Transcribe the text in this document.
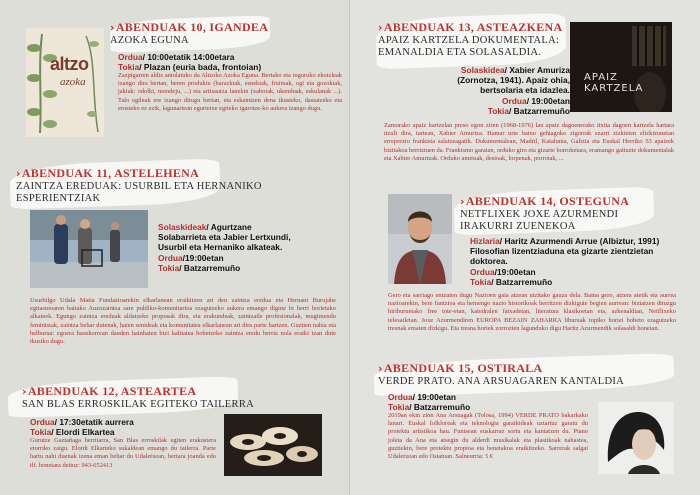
›ABENDUAK 10, IGANDEA
AZOKA EGUNA
altzo
azoka
Ordua/ 10:00etatik 14:00etara
Tokia/ Plazan (euria bada, frontoian)
Zazpigarren aldiz antolatuko da Altzoko Azoka Eguna. Bertako eta inguruko ekoizleak izango dira bertan, beren produktu (barazkiak, esnekiak, fruituak, ogi eta gozokiak, jakiak: odolki, mondeju, ...) eta artisautza lanekin (xaboiak, ukenduak, eskulanak ...). Talo egileak ere izango ditugu bertan, eta eskaintzen dena ikusteko, dastatzeko eta erosteko ez ezik, lagunartean egurtetxe egiteko igarotze-ko aukera izango dugu.
›ABENDUAK 11, ASTELEHENA
ZAINTZA EREDUAK: USURBIL ETA HERNANIKO
ESPERIENTZIAK
Solaskideak/ Agurtzane Solabarrieta eta Jabier Lertxundi, Usurbil eta Hernaniko alkateak.
Ordua/19:00etan
Tokia/ Batzarremuño
Usurbilgo Udala Matia Fundazioarekin elkarlanean eraikitzen ari den zaintza eredua eta Hernani Burujabe egitasmoaren baitako Auzozaintza sare publiko-komunitarioa ezagutzeko aukera emango digute bi herri horietako alkateek. Egungo zaintza ereduak aldatzeko proposak dira, eta erakundeak, zaintzaile profesionalak, mugimendu feministak, zaintza behar dutenak, haien senideak eta komunitatea elkarlanean ari dira parte hartzen. Guztien nahia eta helburua: egoera hauskorrean dauden hainbaten bizi kalitatea hobetzeko zaintza eredu berria nola eraiki izan dute ikusiko dugu.
›ABENDUAK 12, ASTEARTEA
SAN BLAS ERROSKILAK EGITEKO TAILERRA
Ordua/ 17:30etatik aurrera
Tokia/ Elordi Elkartea
Gurutze Gaztañaga herritarra, San Blas erroskilak egiten erakustera etorriko zaigu. Elordi Elkarteko sukaldean emango du tailerra. Parte hartu nahi duenak izena eman behar du Udaletxean, bertara joanda edo tlf. honetara deituz: 943-652413
›ABENDUAK 13, ASTEAZKENA
APAIZ KARTZELA DOKUMENTALA:
EMANALDIA ETA SOLASALDIA.
Solaskidea/ Xabier Amuriza (Zornotza, 1941). Apaiz ohia, bertsolaria eta idazlea.
Ordua/ 19:00etan
Tokia/ Batzarremuño
APAIZ
KARTZELA
Zamorako apaiz kartzelan preso egon ziren (1968-1976) lau apaiz dagoenerako itxita dagoen kartzela hartara itzuli dira, tartean, Xabier Amuriza. Hamar urte baino gehiagoko zigorrak ezarri zizkieten elizkizunetan erreprezio frankista salatzeagatik. Dokumentalean, Madril, Katalunia, Galizia eta Euskal Herriko 53 apaizek bizitakoa berriztuen da. Frankismo garaian, orduko giro eta gizarte borroketara, eramango gaituzte dokumentalak eta Xabier Amurizak. Orduko ametsak, desioak, lorpenak, porrotak, ...
›ABENDUAK 14, OSTEGUNA
NETFLIXEK JOXE AZURMENDI
IRAKURRI ZUENEKOA
Hizlaria/ Haritz Azurmendi Arrue (Albiztur, 1991) Filosofian lizentziaduna eta gizarte zientzietan doktorea.
Ordua/19:00etan
Tokia/ Batzarremuño
Gero eta sarriago entzuten dugu Nazioen gaia atzean utzitako gauza dela. Baina gero, atzera atetik eta aurrea nazioarekin, bere funtzioa eta hemengo nazio historikoak berritzen dizkigute begien aurrean: biziatzen dituzgu hiriburuetako free tote-etan, katedralen fatxadetan, literatura klasikoetan eta, azkenaldian, Netflixeko telesailetan. Joxe Azurmendiren EUROPA BEZAIN ZAHARRA liburuak topiko horiei hobeto ezagutzeko tresnak ematen dizkigu. Eta tresna horiek zorrozten lagunduko digu Haritz Azurmendik solasaldi honetan.
›ABENDUAK 15, OSTIRALA
VERDE PRATO. ANA ARSUAGAREN KANTALDIA
Ordua/ 19:00etan
Tokia/ Batzarremuño
2019an ekin zion Ana Arsuagak (Tolosa, 1994) VERDE PRATO bakarkako lanari. Euskal folkloreak eta teknologia garaikideak uztartuz garatu du proiektu artistikoa hau. Funtsean euskarraz sortu eta kantatzen du. Piano joleta da Ana eta atsegin du alderdi musikalak eta plastikoak nahastea, guztiekin, bere proiektu propioa eta benetakoa eraikitzeko. Sarrerak salgai Udaletxean edo Ostatuan. Salneurria: 5 €
